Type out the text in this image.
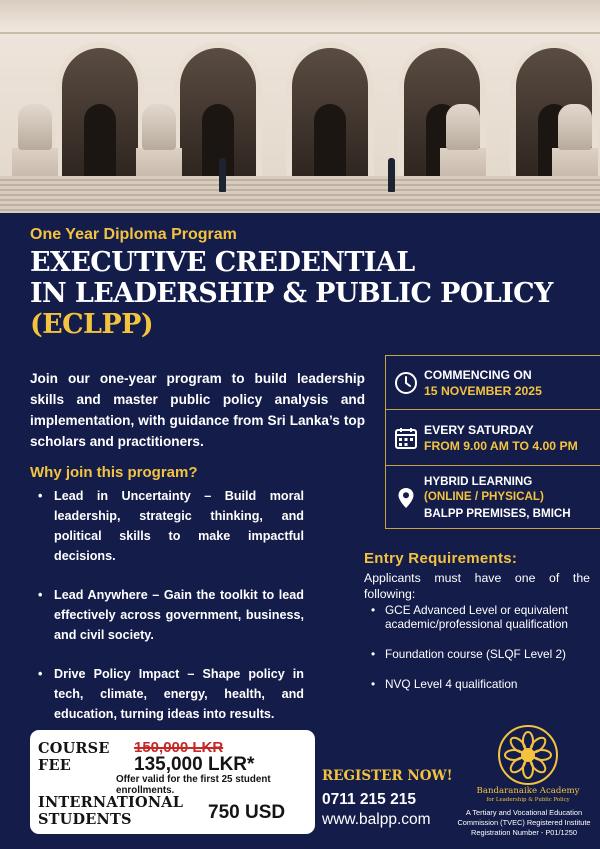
One Year Diploma Program
EXECUTIVE CREDENTIAL
IN LEADERSHIP & PUBLIC POLICY
(ECLPP)

Join our one-year program to build leadership skills and master public policy analysis and implementation, with guidance from Sri Lanka’s top scholars and practitioners.

Why join this program?
• Lead in Uncertainty – Build moral leadership, strategic thinking, and political skills to make impactful decisions.
• Lead Anywhere – Gain the toolkit to lead effectively across government, business, and civil society.
• Drive Policy Impact – Shape policy in tech, climate, energy, health, and education, turning ideas into results.
COMMENCING ON
15 NOVEMBER 2025
EVERY SATURDAY
FROM 9.00 AM TO 4.00 PM
HYBRID LEARNING
(ONLINE / PHYSICAL)
BALPP PREMISES, BMICH
Entry Requirements:

Applicants must have one of the following:

• GCE Advanced Level or equivalent academic/professional qualification
• Foundation course (SLQF Level 2)
• NVQ Level 4 qualification
COURSE
FEE
150,000 LKR
135,000 LKR*
Offer valid for the first 25 student enrollments.
INTERNATIONAL
STUDENTS	750 USD
REGISTER NOW!
0711 215 215
www.balpp.com
Bandaranaike Academy
for Leadership & Public Policy
A Tertiary and Vocational Education
Commission (TVEC) Registered Institute
Registration Number - P01/1250
